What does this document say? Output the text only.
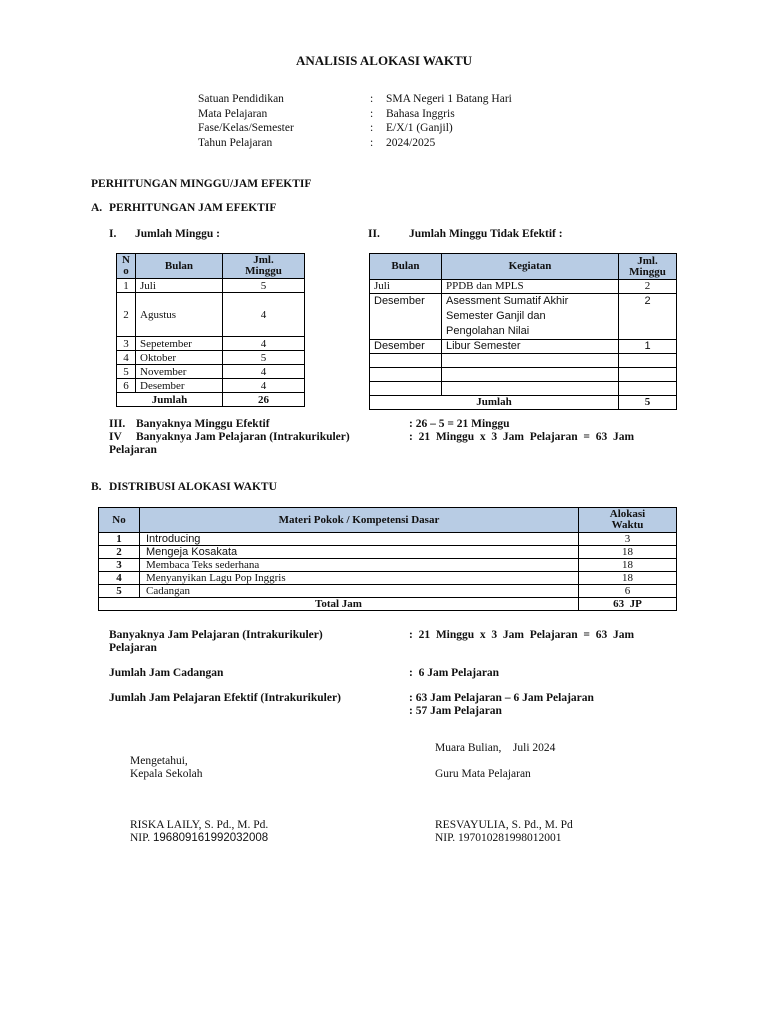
ANALISIS ALOKASI WAKTU
Satuan Pendidikan	: SMA Negeri 1 Batang Hari
Mata Pelajaran	: Bahasa Inggris
Fase/Kelas/Semester	: E/X/1 (Ganjil)
Tahun Pelajaran	: 2024/2025
PERHITUNGAN MINGGU/JAM EFEKTIF
A. PERHITUNGAN JAM EFEKTIF
I. Jumlah Minggu :	II.	Jumlah Minggu Tidak Efektif :
N
o	Bulan	Jml.
Minggu
1	Juli	5
2	Agustus	4
3	Sepetember	4
4	Oktober	5
5	November	4
6	Desember	4
Jumlah		26
Bulan	Kegiatan	Jml.
Minggu
Juli	PPDB dan MPLS	2
Desember	Asessment Sumatif Akhir
Semester Ganjil dan
Pengolahan Nilai	2
Desember	Libur Semester	1

Jumlah		5
III. Banyaknya Minggu Efektif	: 26 – 5 = 21 Minggu
IV Banyaknya Jam Pelajaran (Intrakurikuler)	:  21  Minggu  x  3  Jam  Pelajaran  =  63  Jam
Pelajaran
B. DISTRIBUSI ALOKASI WAKTU
No	Materi Pokok / Kompetensi Dasar	Alokasi
Waktu
1	Introducing	3
2	Mengeja Kosakata	18
3	Membaca Teks sederhana	18
4	Menyanyikan Lagu Pop Inggris	18
5	Cadangan	6
Total Jam		63  JP
Banyaknya Jam Pelajaran (Intrakurikuler)	:  21  Minggu  x  3  Jam  Pelajaran  =  63  Jam
Pelajaran
Jumlah Jam Cadangan	:  6 Jam Pelajaran
Jumlah Jam Pelajaran Efektif (Intrakurikuler)	: 63 Jam Pelajaran – 6 Jam Pelajaran
: 57 Jam Pelajaran
Muara Bulian,    Juli 2024
Mengetahui,
Kepala Sekolah	Guru Mata Pelajaran
RISKA LAILY, S. Pd., M. Pd.
NIP. 196809161992032008
RESVAYULIA, S. Pd., M. Pd
NIP. 197010281998012001
